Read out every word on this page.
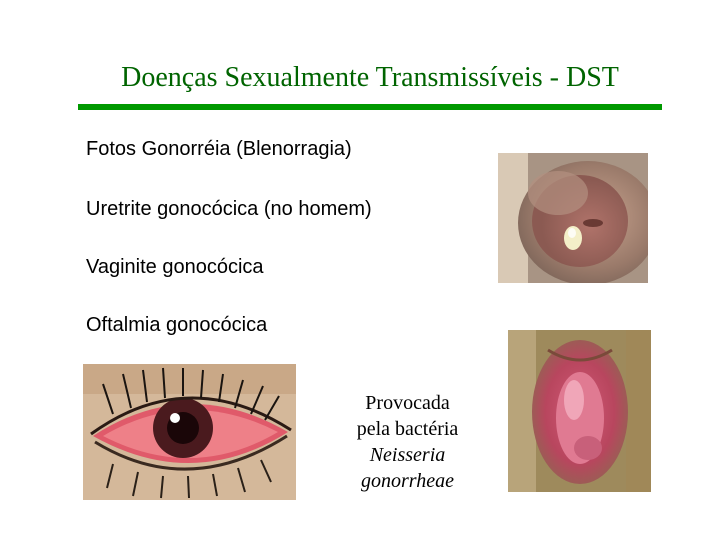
Doenças Sexualmente Transmissíveis - DST
Fotos Gonorréia (Blenorragia)
Uretrite gonocócica (no homem)
Vaginite gonocócica
Oftalmia gonocócica
Provocada
pela bactéria
Neisseria
gonorrheae
